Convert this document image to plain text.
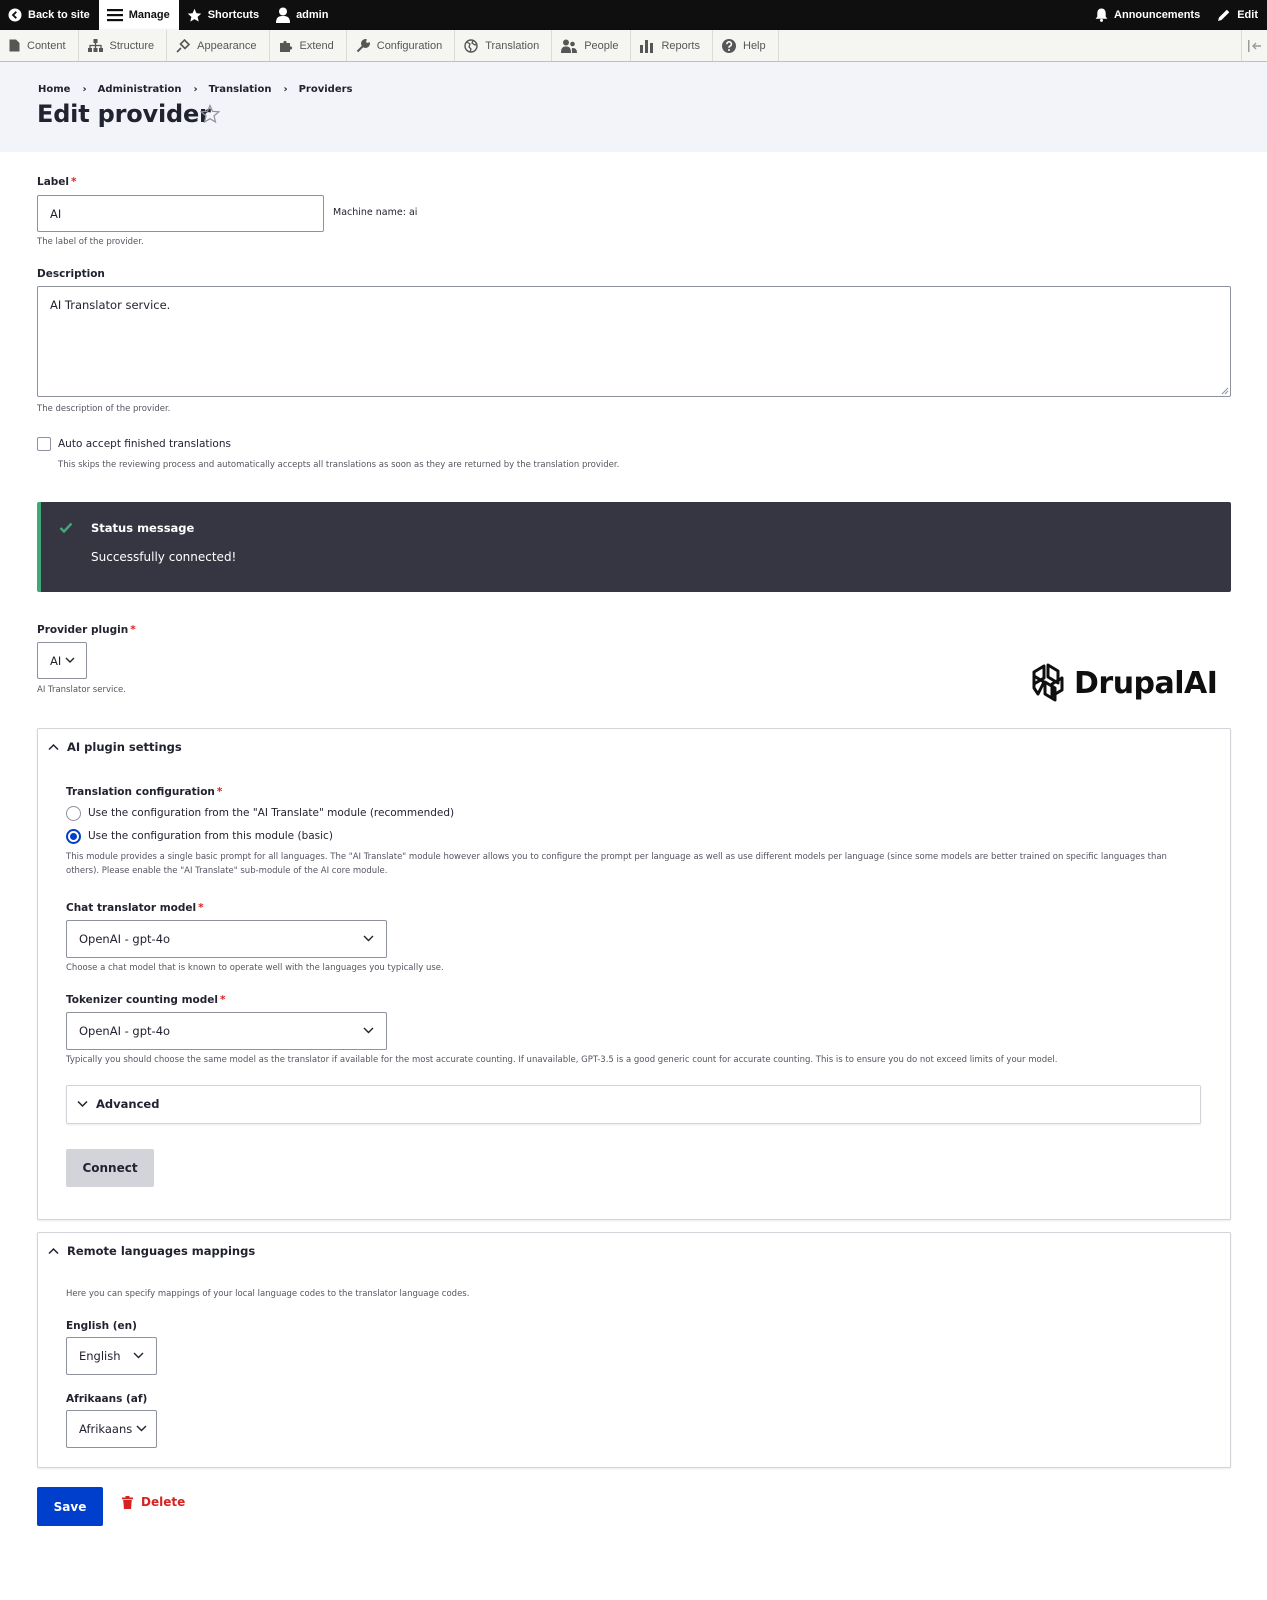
Back to site	Manage	Shortcuts	admin	Announcements	Edit
Content	Structure	Appearance	Extend	Configuration	Translation	People	Reports	Help
Home › Administration › Translation › Providers
Edit provider
Label *
AI	Machine name: ai
The label of the provider.
Description
AI Translator service.
The description of the provider.
Auto accept finished translations
This skips the reviewing process and automatically accepts all translations as soon as they are returned by the translation provider.
Status message
Successfully connected!
Provider plugin *
AI
AI Translator service.	DrupalAI
AI plugin settings
Translation configuration *
Use the configuration from the "AI Translate" module (recommended)
Use the configuration from this module (basic)
This module provides a single basic prompt for all languages. The "AI Translate" module however allows you to configure the prompt per language as well as use different models per language (since some models are better trained on specific languages than others). Please enable the "AI Translate" sub-module of the AI core module.
Chat translator model *
OpenAI - gpt-4o
Choose a chat model that is known to operate well with the languages you typically use.
Tokenizer counting model *
OpenAI - gpt-4o
Typically you should choose the same model as the translator if available for the most accurate counting. If unavailable, GPT-3.5 is a good generic count for accurate counting. This is to ensure you do not exceed limits of your model.
Advanced
Connect
Remote languages mappings
Here you can specify mappings of your local language codes to the translator language codes.
English (en)
English
Afrikaans (af)
Afrikaans
Save	Delete
